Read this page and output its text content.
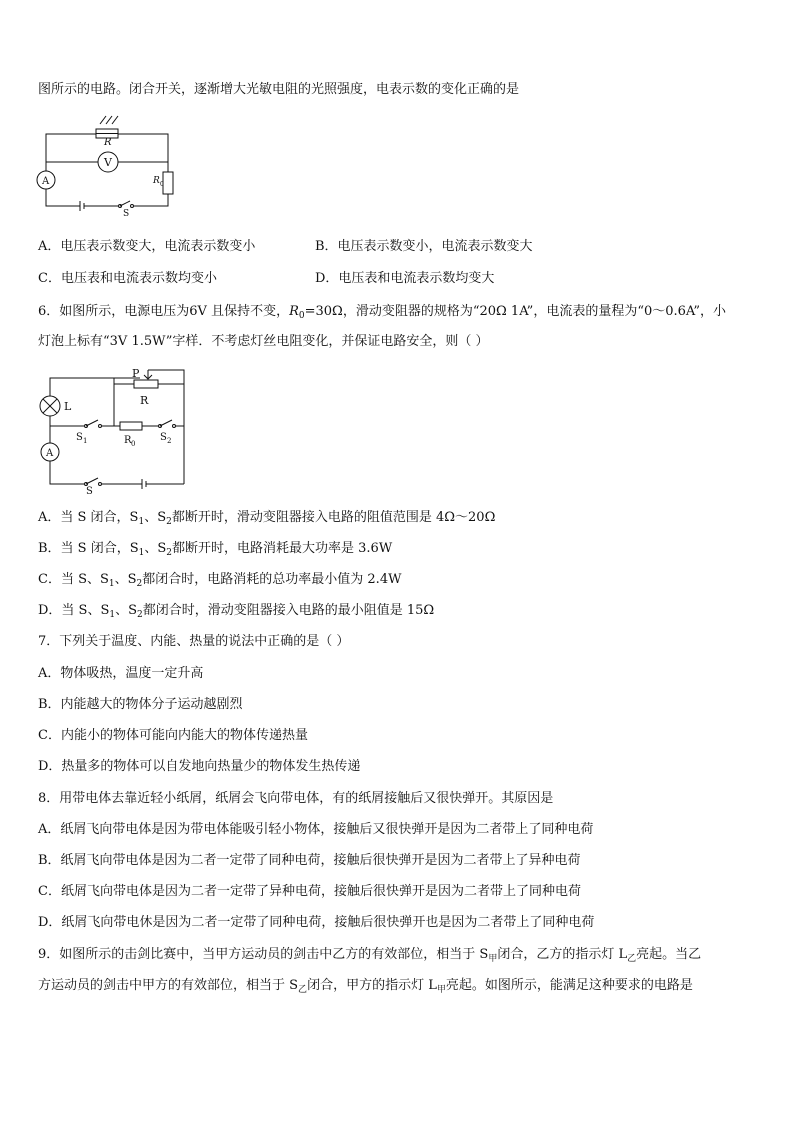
图所示的电路。闭合开关，逐渐增大光敏电阻的光照强度，电表示数的变化正确的是
R
V
A	R 0
S
A．电压表示数变大，电流表示数变小	B．电压表示数变小，电流表示数变大
C．电压表和电流表示数均变小	D．电压表和电流表示数均变大
6．如图所示，电源电压为6V 且保持不变，$R_0=30\Omega$，滑动变阻器的规格为“20Ω 1A”，电流表的量程为“0～0.6A”，小
灯泡上标有“3V 1.5W”字样．不考虑灯丝电阻变化，并保证电路安全，则（ ）
P
R
L
S 1	R 0
S 2
A
S
A．当 S 闭合，$S_1$、$S_2$都断开时，滑动变阻器接入电路的阻值范围是 4Ω～20Ω
B．当 S 闭合，$S_1$、$S_2$都断开时，电路消耗最大功率是 3.6W
C．当 S、$S_1$、$S_2$都闭合时，电路消耗的总功率最小值为 2.4W
D．当 S、$S_1$、$S_2$都闭合时，滑动变阻器接入电路的最小阻值是 15Ω
7．下列关于温度、内能、热量的说法中正确的是（ ）
A．物体吸热，温度一定升高
B．内能越大的物体分子运动越剧烈
C．内能小的物体可能向内能大的物体传递热量
D．热量多的物体可以自发地向热量少的物体发生热传递
8．用带电体去靠近轻小纸屑，纸屑会飞向带电体，有的纸屑接触后又很快弹开。其原因是
A．纸屑飞向带电体是因为带电体能吸引轻小物体，接触后又很快弹开是因为二者带上了同种电荷
B．纸屑飞向带电体是因为二者一定带了同种电荷，接触后很快弹开是因为二者带上了异种电荷
C．纸屑飞向带电体是因为二者一定带了异种电荷，接触后很快弹开是因为二者带上了同种电荷
D．纸屑飞向带电休是因为二者一定带了同种电荷，接触后很快弹开也是因为二者带上了同种电荷
9．如图所示的击剑比赛中，当甲方运动员的剑击中乙方的有效部位，相当于 $S_甲$闭合，乙方的指示灯 $L_乙$亮起。当乙
方运动员的剑击中甲方的有效部位，相当于 $S_乙$闭合，甲方的指示灯 $L_甲$亮起。如图所示，能满足这种要求的电路是
